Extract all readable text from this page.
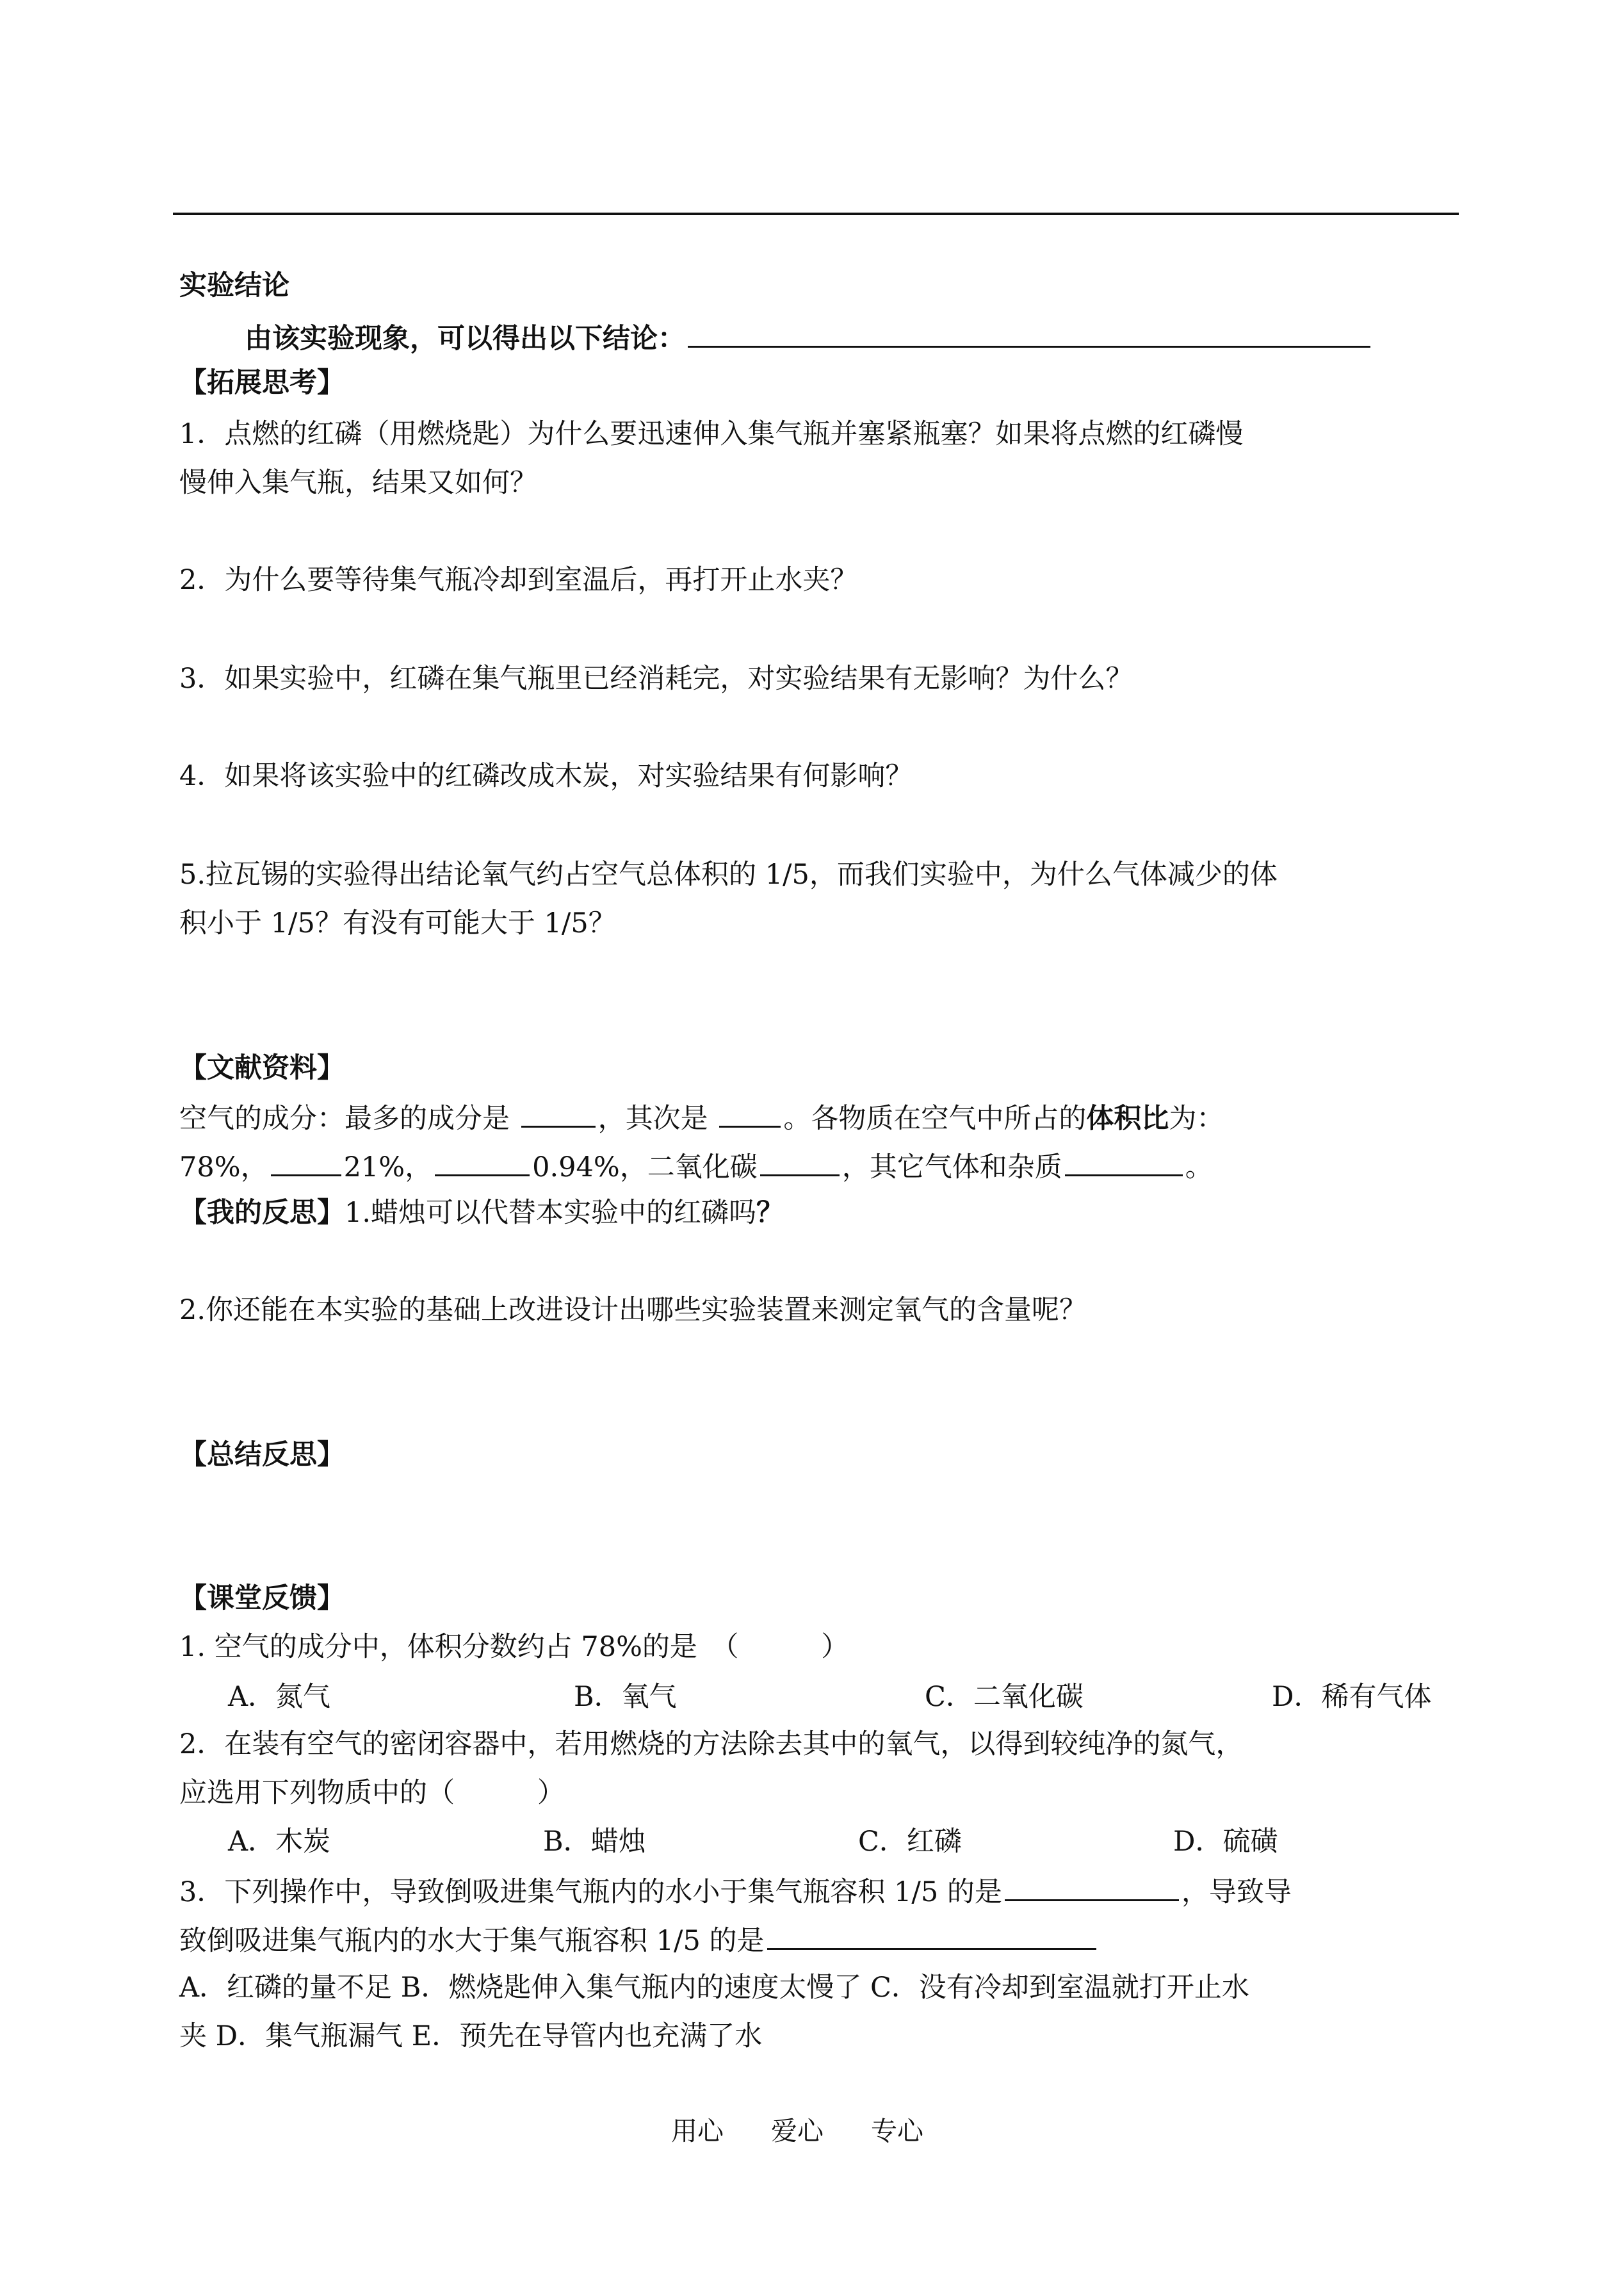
实验结论
由该实验现象，可以得出以下结论：
【拓展思考】
1．点燃的红磷（用燃烧匙）为什么要迅速伸入集气瓶并塞紧瓶塞？如果将点燃的红磷慢
慢伸入集气瓶，结果又如何？
2．为什么要等待集气瓶冷却到室温后，再打开止水夹？
3．如果实验中，红磷在集气瓶里已经消耗完，对实验结果有无影响？为什么？
4．如果将该实验中的红磷改成木炭，对实验结果有何影响？
5.拉瓦锡的实验得出结论氧气约占空气总体积的 1/5，而我们实验中，为什么气体减少的体
积小于 1/5？有没有可能大于 1/5？
【文献资料】
空气的成分：最多的成分是	，其次是	。各物质在空气中所占的体积比为：
78%，	21%，	0.94%，二氧化碳	，其它气体和杂质	。
【我的反思】1.蜡烛可以代替本实验中的红磷吗？
2.你还能在本实验的基础上改进设计出哪些实验装置来测定氧气的含量呢？
【总结反思】
【课堂反馈】
1. 空气的成分中，体积分数约占 78%的是　（　　　）
A．氮气	B．氧气	C．二氧化碳	D．稀有气体
2．在装有空气的密闭容器中，若用燃烧的方法除去其中的氧气，以得到较纯净的氮气，
应选用下列物质中的（　　　）
A．木炭	B．蜡烛	C．红磷	D．硫磺
3．下列操作中，导致倒吸进集气瓶内的水小于集气瓶容积 1/5 的是	，导致导
致倒吸进集气瓶内的水大于集气瓶容积 1/5 的是
A．红磷的量不足 B．燃烧匙伸入集气瓶内的速度太慢了 C．没有冷却到室温就打开止水
夹 D．集气瓶漏气 E．预先在导管内也充满了水
用心 爱心 专心
